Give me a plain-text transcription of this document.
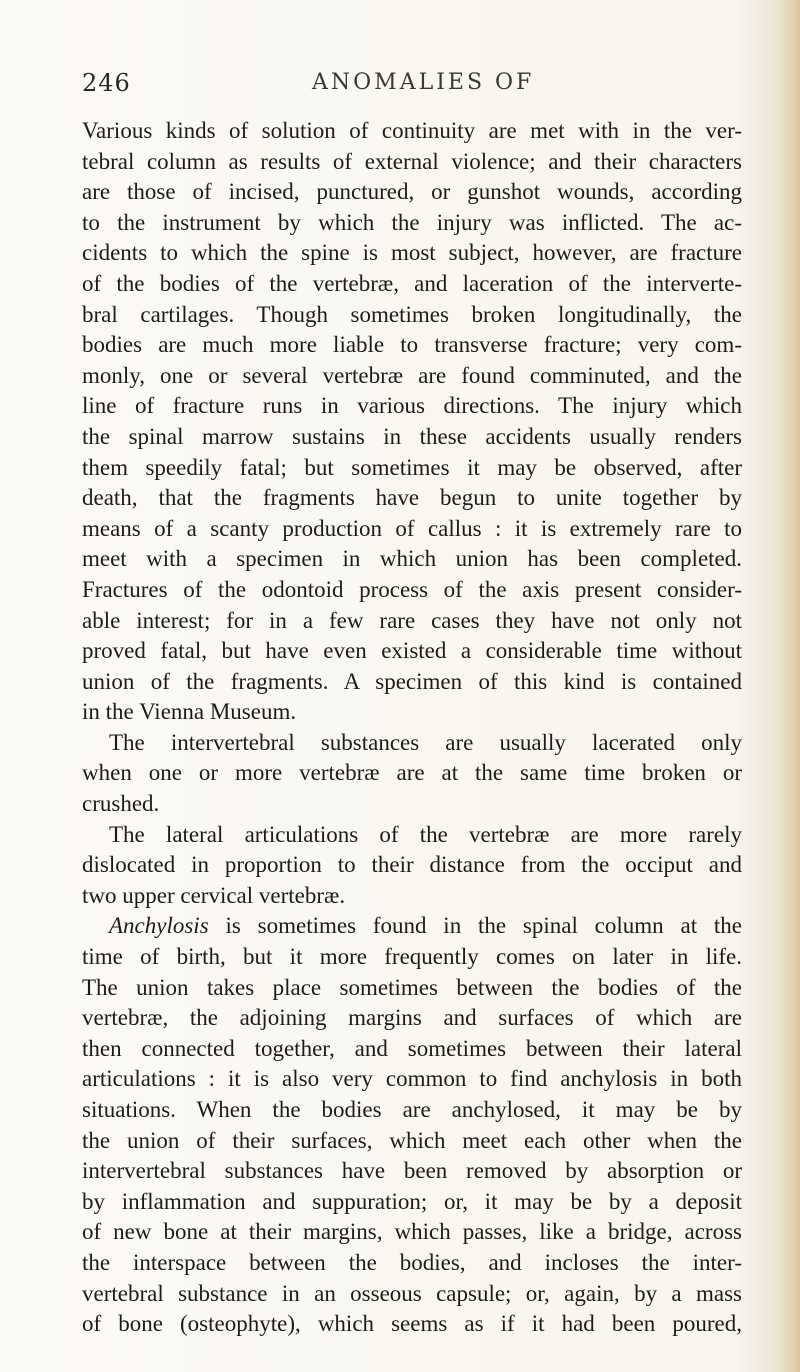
246	ANOMALIES OF
Various kinds of solution of continuity are met with in the ver-
tebral column as results of external violence; and their characters
are those of incised, punctured, or gunshot wounds, according
to the instrument by which the injury was inflicted. The ac-
cidents to which the spine is most subject, however, are fracture
of the bodies of the vertebræ, and laceration of the interverte-
bral cartilages. Though sometimes broken longitudinally, the
bodies are much more liable to transverse fracture; very com-
monly, one or several vertebræ are found comminuted, and the
line of fracture runs in various directions. The injury which
the spinal marrow sustains in these accidents usually renders
them speedily fatal; but sometimes it may be observed, after
death, that the fragments have begun to unite together by
means of a scanty production of callus : it is extremely rare to
meet with a specimen in which union has been completed.
Fractures of the odontoid process of the axis present consider-
able interest; for in a few rare cases they have not only not
proved fatal, but have even existed a considerable time without
union of the fragments. A specimen of this kind is contained
in the Vienna Museum.
The intervertebral substances are usually lacerated only
when one or more vertebræ are at the same time broken or
crushed.
The lateral articulations of the vertebræ are more rarely
dislocated in proportion to their distance from the occiput and
two upper cervical vertebræ.
Anchylosis is sometimes found in the spinal column at the
time of birth, but it more frequently comes on later in life.
The union takes place sometimes between the bodies of the
vertebræ, the adjoining margins and surfaces of which are
then connected together, and sometimes between their lateral
articulations : it is also very common to find anchylosis in both
situations. When the bodies are anchylosed, it may be by
the union of their surfaces, which meet each other when the
intervertebral substances have been removed by absorption or
by inflammation and suppuration; or, it may be by a deposit
of new bone at their margins, which passes, like a bridge, across
the interspace between the bodies, and incloses the inter-
vertebral substance in an osseous capsule; or, again, by a mass
of bone (osteophyte), which seems as if it had been poured,
